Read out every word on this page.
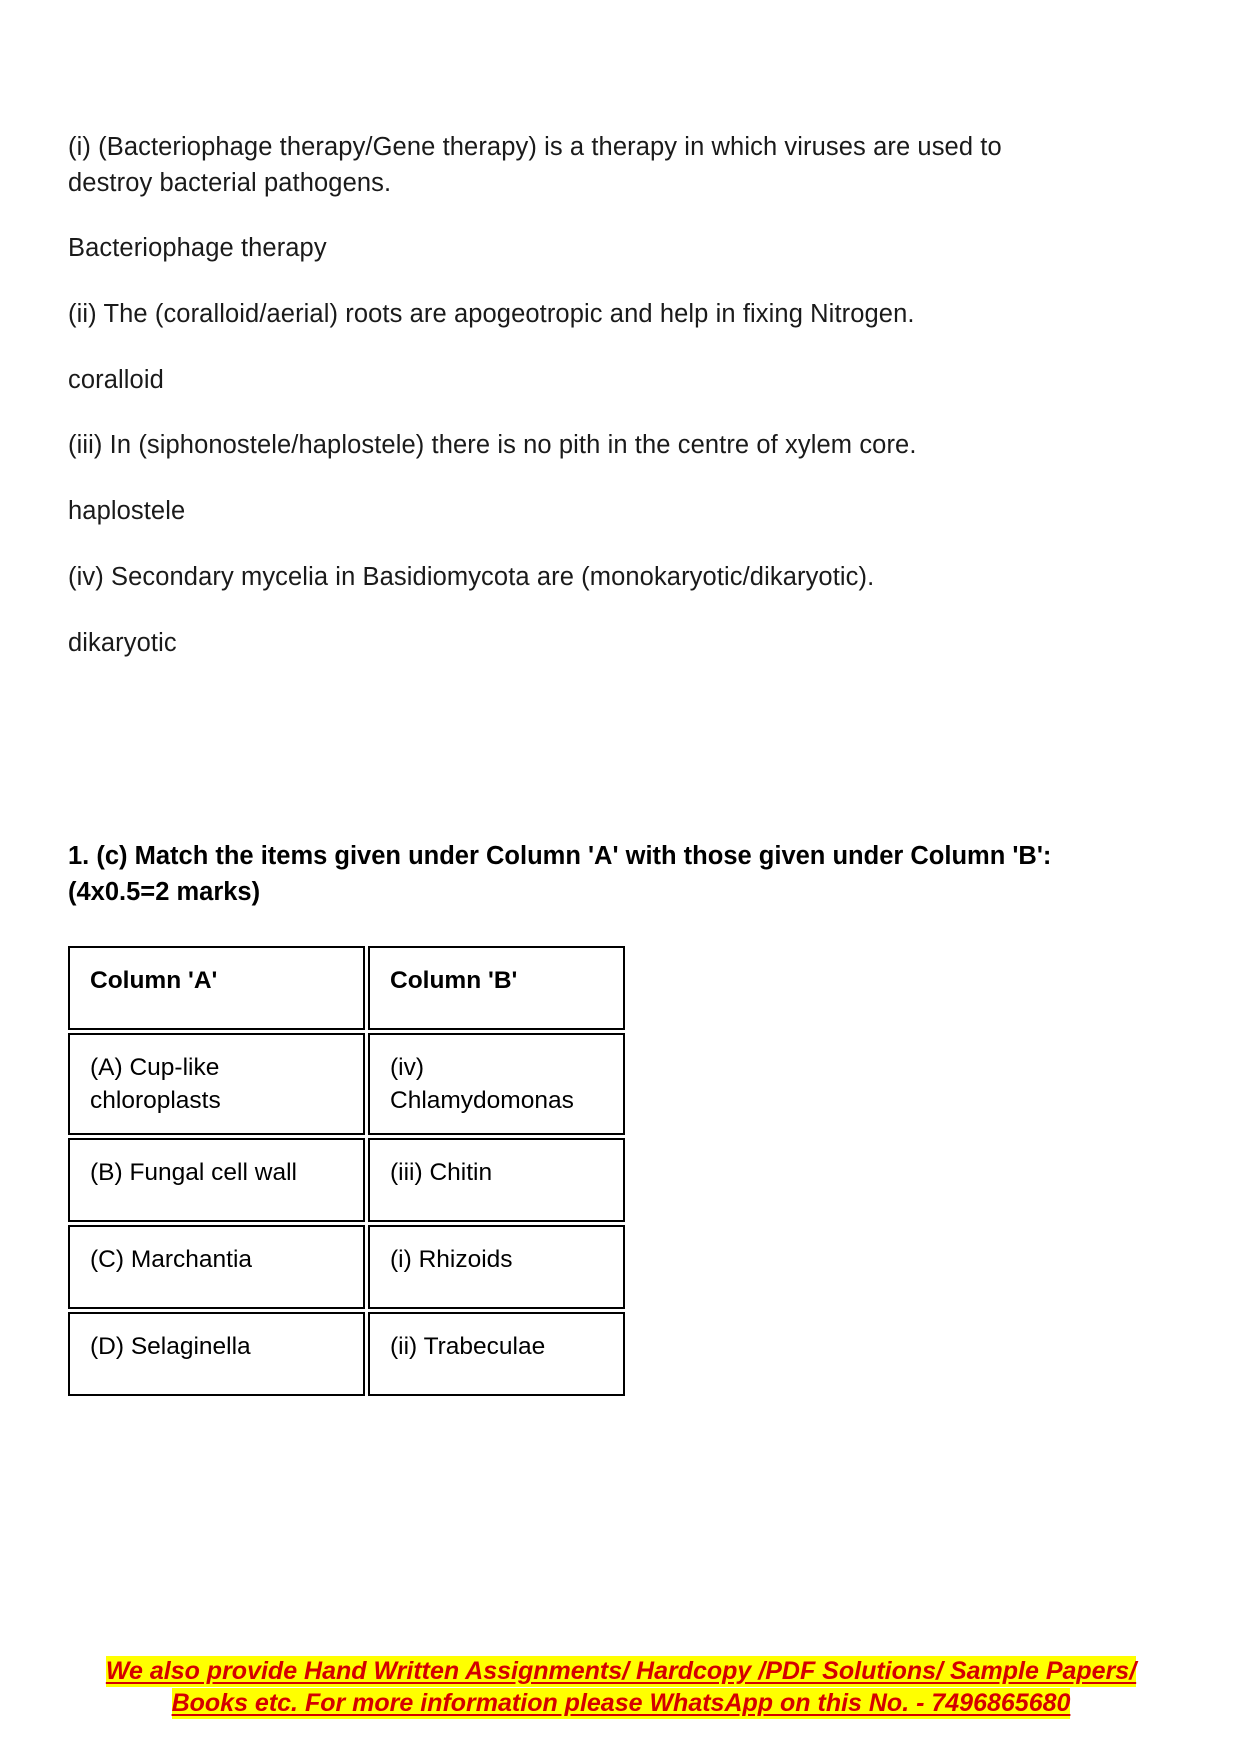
(i) (Bacteriophage therapy/Gene therapy) is a therapy in which viruses are used to destroy bacterial pathogens.

Bacteriophage therapy

(ii) The (coralloid/aerial) roots are apogeotropic and help in fixing Nitrogen.

coralloid

(iii) In (siphonostele/haplostele) there is no pith in the centre of xylem core.

haplostele

(iv) Secondary mycelia in Basidiomycota are (monokaryotic/dikaryotic).

dikaryotic

1. (c) Match the items given under Column 'A' with those given under Column 'B': (4x0.5=2 marks)

Column 'A'	Column 'B'
(A) Cup-like chloroplasts	(iv) Chlamydomonas
(B) Fungal cell wall	(iii) Chitin
(C) Marchantia	(i) Rhizoids
(D) Selaginella	(ii) Trabeculae
We also provide Hand Written Assignments/ Hardcopy /PDF Solutions/ Sample Papers/
Books etc. For more information please WhatsApp on this No. - 7496865680
